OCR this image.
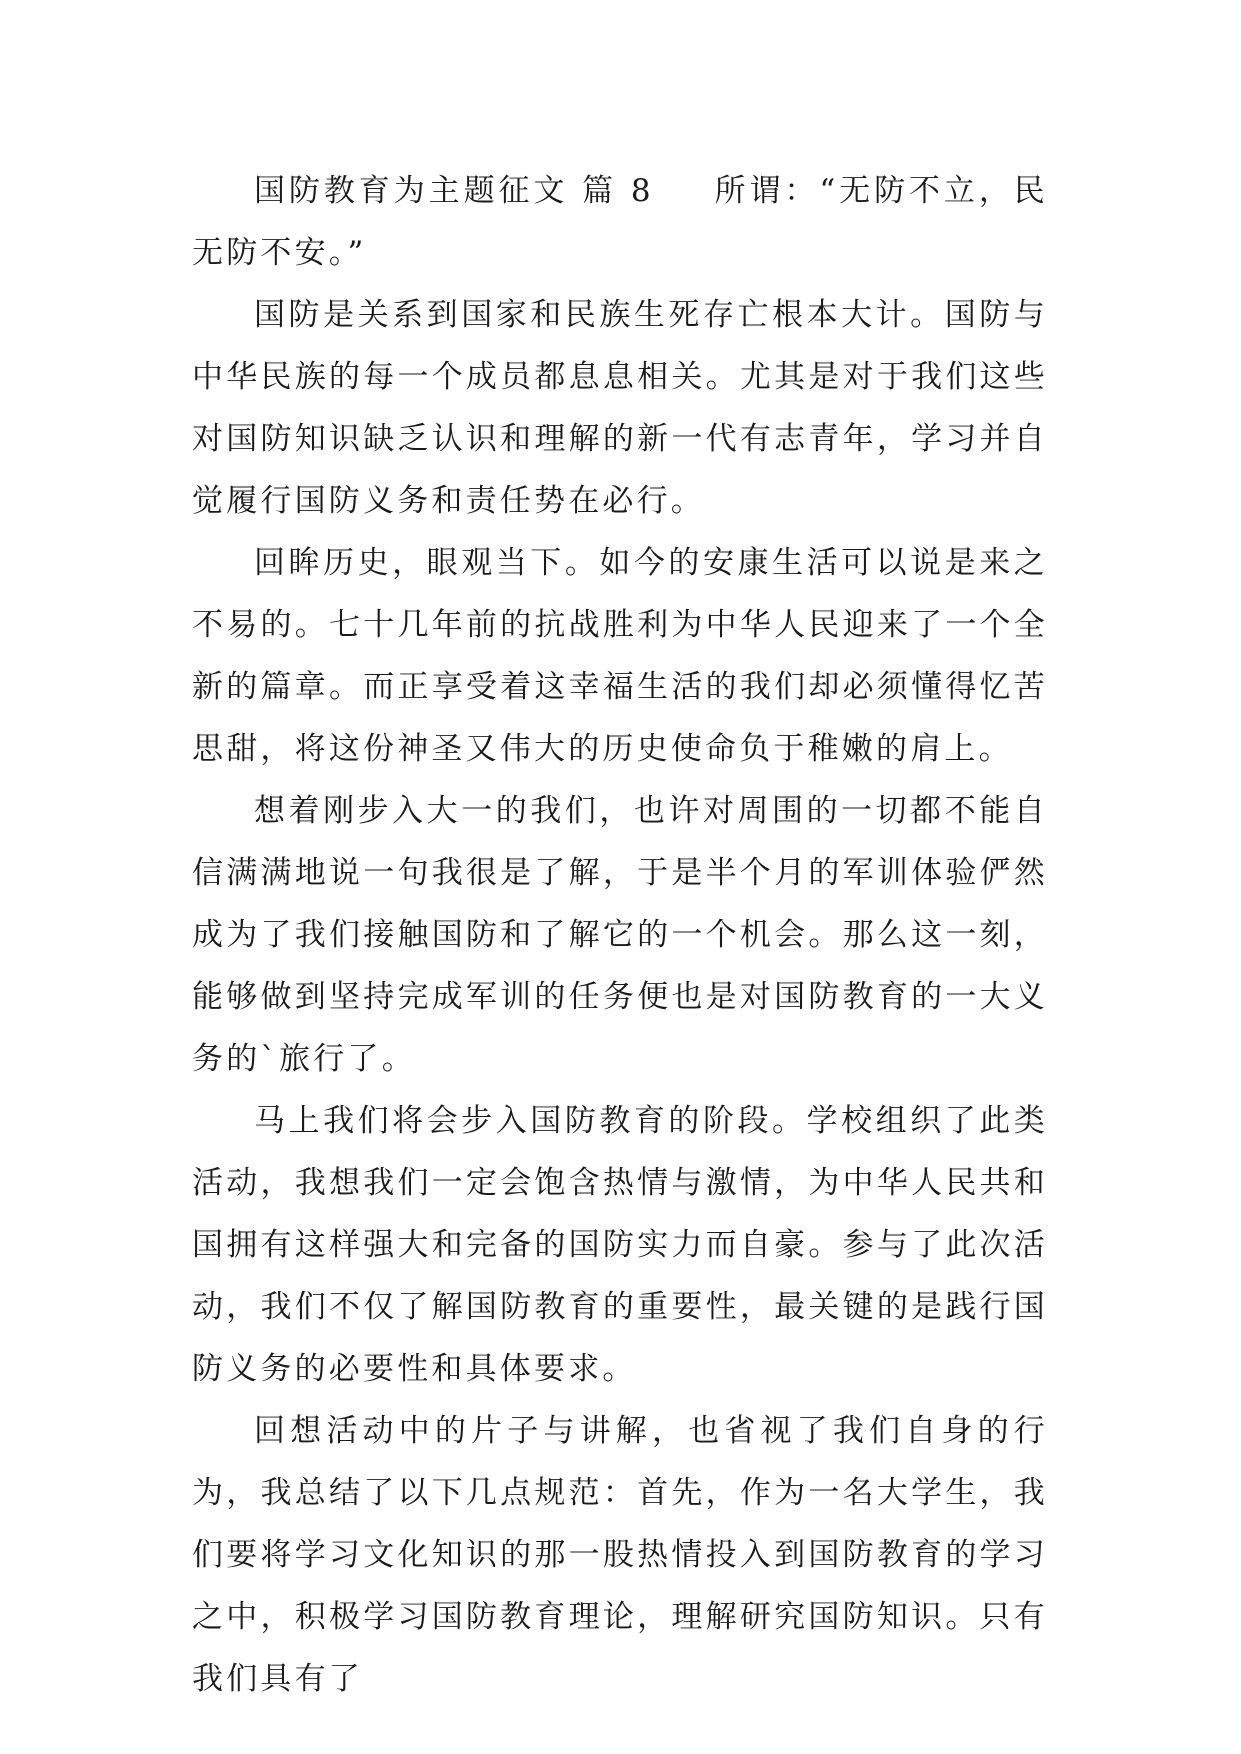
国防教育为主题征文 篇 8 所谓：“无防不立，民无防不安。”

国防是关系到国家和民族生死存亡根本大计。国防与中华民族的每一个成员都息息相关。尤其是对于我们这些对国防知识缺乏认识和理解的新一代有志青年，学习并自觉履行国防义务和责任势在必行。

回眸历史，眼观当下。如今的安康生活可以说是来之不易的。七十几年前的抗战胜利为中华人民迎来了一个全新的篇章。而正享受着这幸福生活的我们却必须懂得忆苦思甜，将这份神圣又伟大的历史使命负于稚嫩的肩上。

想着刚步入大一的我们，也许对周围的一切都不能自信满满地说一句我很是了解，于是半个月的军训体验俨然成为了我们接触国防和了解它的一个机会。那么这一刻，能够做到坚持完成军训的任务便也是对国防教育的一大义务的`旅行了。

马上我们将会步入国防教育的阶段。学校组织了此类活动，我想我们一定会饱含热情与激情，为中华人民共和国拥有这样强大和完备的国防实力而自豪。参与了此次活动，我们不仅了解国防教育的重要性，最关键的是践行国防义务的必要性和具体要求。

回想活动中的片子与讲解，也省视了我们自身的行为，我总结了以下几点规范：首先，作为一名大学生，我们要将学习文化知识的那一股热情投入到国防教育的学习之中，积极学习国防教育理论，理解研究国防知识。只有我们具有了
